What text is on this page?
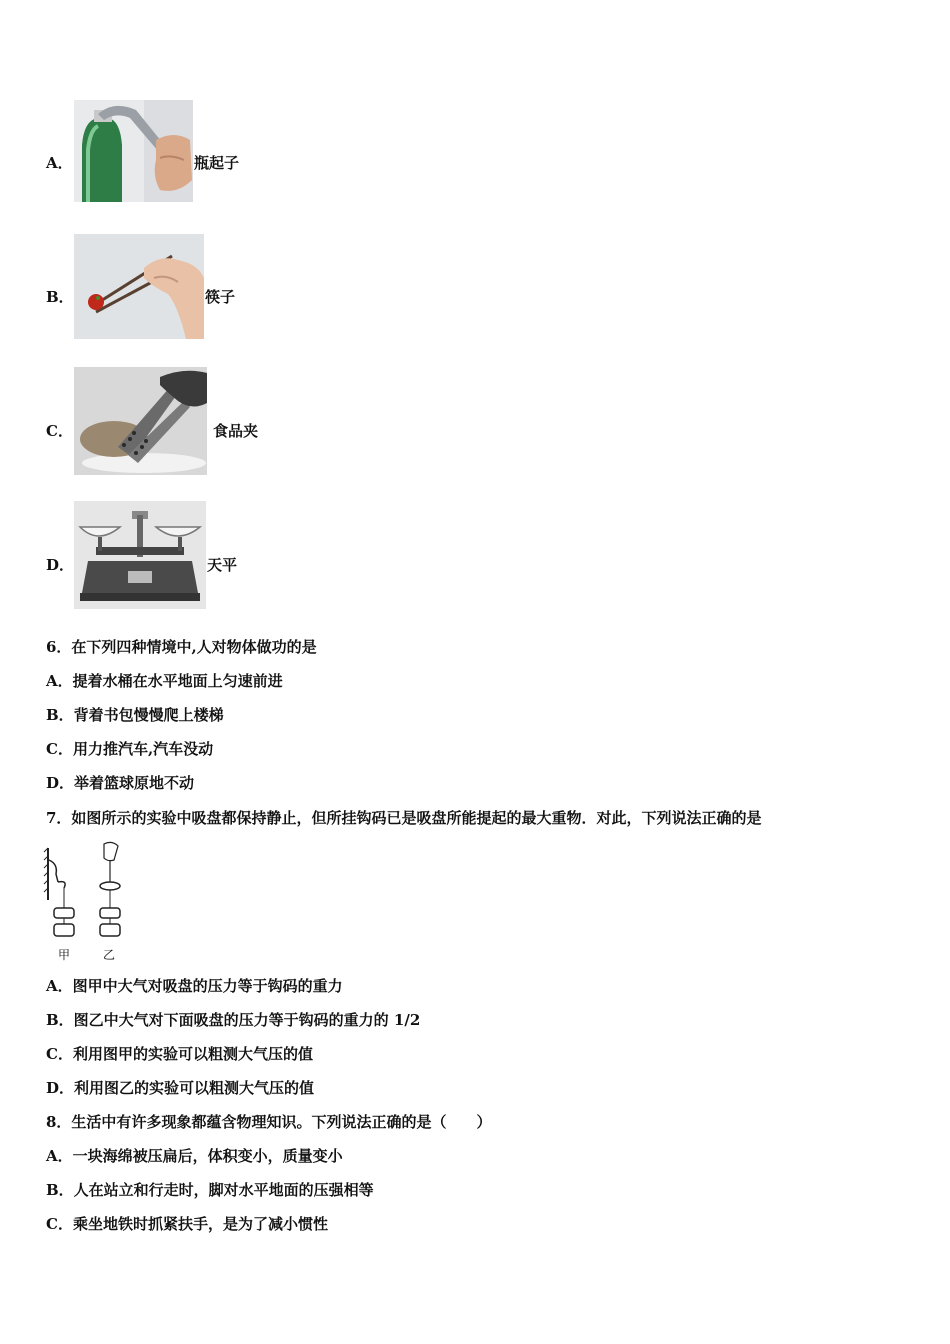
A．	瓶起子
B．	筷子
C．	食品夹
D．	天平
6．在下列四种情境中,人对物体做功的是
A．提着水桶在水平地面上匀速前进
B．背着书包慢慢爬上楼梯
C．用力推汽车,汽车没动
D．举着篮球原地不动
7．如图所示的实验中吸盘都保持静止，但所挂钩码已是吸盘所能提起的最大重物．对此，下列说法正确的是
甲	乙
A．图甲中大气对吸盘的压力等于钩码的重力
B．图乙中大气对下面吸盘的压力等于钩码的重力的 1/2
C．利用图甲的实验可以粗测大气压的值
D．利用图乙的实验可以粗测大气压的值
8．生活中有许多现象都蕴含物理知识。下列说法正确的是（　　）
A．一块海绵被压扁后，体积变小，质量变小
B．人在站立和行走时，脚对水平地面的压强相等
C．乘坐地铁时抓紧扶手，是为了减小惯性
